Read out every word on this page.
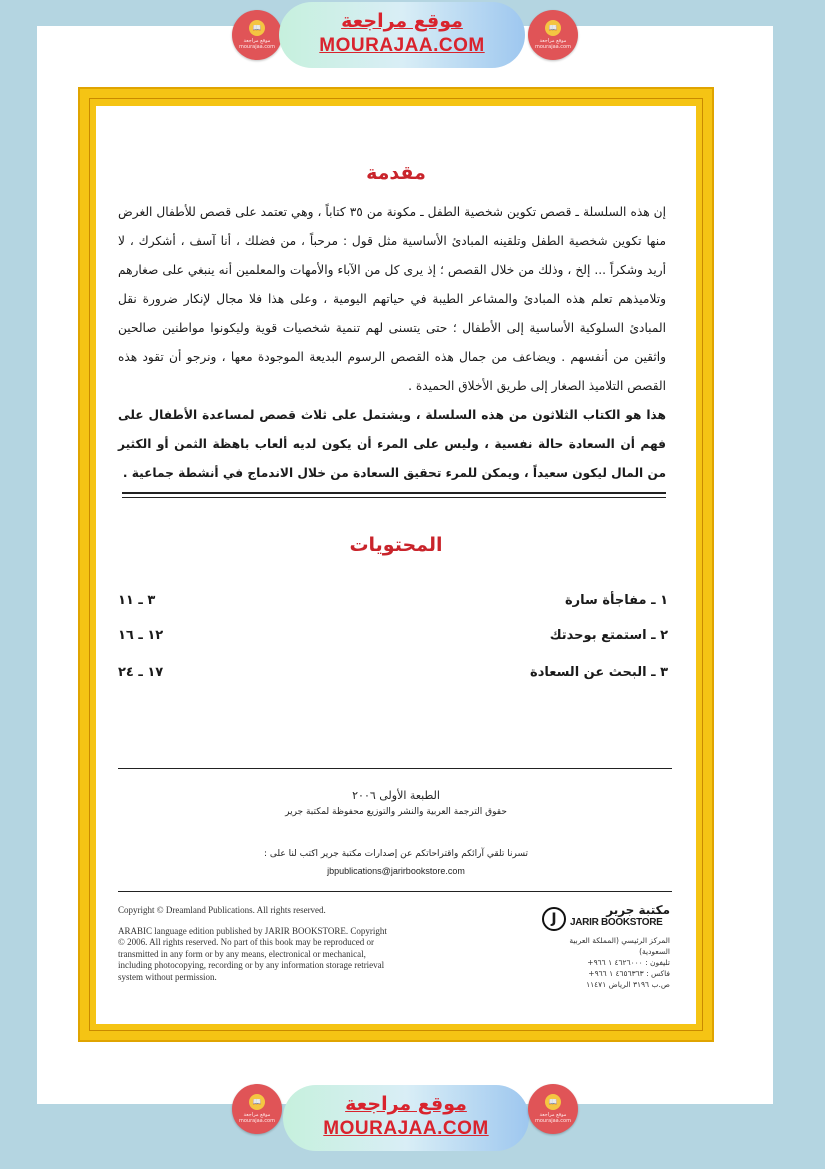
📖
موقع مراجعة mourajaa.com
موقع مراجعة
MOURAJAA.COM
📖
موقع مراجعة mourajaa.com
مقدمة

إن هذه السلسلة ـ قصص تكوين شخصية الطفل ـ مكونة من ٣٥ كتاباً ، وهي تعتمد على قصص للأطفال الغرض منها تكوين شخصية الطفل وتلقينه المبادئ الأساسية مثل قول : مرحباً ، من فضلك ، أنا آسف ، أشكرك ، لا أريد وشكراً ... إلخ ، وذلك من خلال القصص ؛ إذ يرى كل من الآباء والأمهات والمعلمين أنه ينبغي على صغارهم وتلاميذهم تعلم هذه المبادئ والمشاعر الطيبة في حياتهم اليومية ، وعلى هذا فلا مجال لإنكار ضرورة نقل المبادئ السلوكية الأساسية إلى الأطفال ؛ حتى يتسنى لهم تنمية شخصيات قوية وليكونوا مواطنين صالحين واثقين من أنفسهم . ويضاعف من جمال هذه القصص الرسوم البديعة الموجودة معها ، ونرجو أن تقود هذه القصص التلاميذ الصغار إلى طريق الأخلاق الحميدة .

هذا هو الكتاب الثلاثون من هذه السلسلة ، ويشتمل على ثلاث قصص لمساعدة الأطفال على فهم أن السعادة حالة نفسية ، وليس على المرء أن يكون لديه ألعاب باهظة الثمن أو الكثير من المال ليكون سعيداً ، ويمكن للمرء تحقيق السعادة من خلال الاندماج في أنشطة جماعية .

المحتويات
١ ـ مفاجأة سارة
٣ ـ ١١
٢ ـ استمتع بوحدتك
١٢ ـ ١٦
٣ ـ البحث عن السعادة
١٧ ـ ٢٤
الطبعة الأولى ٢٠٠٦
حقوق الترجمة العربية والنشر والتوزيع محفوظة لمكتبة جرير
تسرنا تلقي آرائكم واقتراحاتكم عن إصدارات مكتبة جرير اكتب لنا على :
jbpublications@jarirbookstore.com

Copyright © Dreamland Publications. All rights reserved.

ARABIC language edition published by JARIR BOOKSTORE. Copyright © 2006. All rights reserved. No part of this book may be reproduced or transmitted in any form or by any means, electronical or mechanical, including photocopying, recording or by any information storage retrieval system without permission.

J
مكتبة جرير
JARIR BOOKSTORE
المركز الرئيسي (المملكة العربية السعودية)
تليفون : ٤٦٢٦٠٠٠ ١ ٩٦٦+
فاكس : ٤٦٥٦٣٦٣ ١ ٩٦٦+
ص.ب ٣١٩٦ الرياض ١١٤٧١
📖
موقع مراجعة mourajaa.com
موقع مراجعة
MOURAJAA.COM
📖
موقع مراجعة mourajaa.com
